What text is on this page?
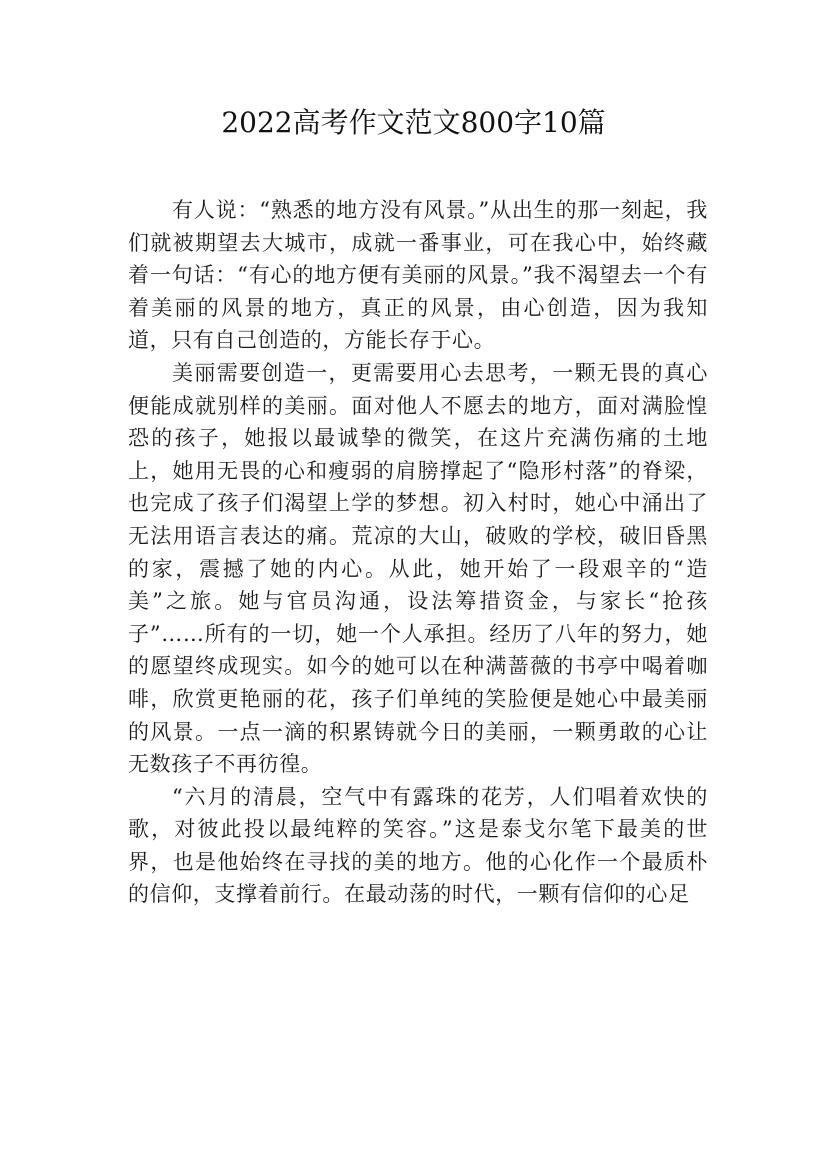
2022高考作文范文800字10篇

有人说：“熟悉的地方没有风景。”从出生的那一刻起，我们就被期望去大城市，成就一番事业，可在我心中，始终藏着一句话：“有心的地方便有美丽的风景。”我不渴望去一个有着美丽的风景的地方，真正的风景，由心创造，因为我知道，只有自己创造的，方能长存于心。

美丽需要创造一，更需要用心去思考，一颗无畏的真心便能成就别样的美丽。面对他人不愿去的地方，面对满脸惶恐的孩子，她报以最诚挚的微笑，在这片充满伤痛的土地上，她用无畏的心和瘦弱的肩膀撑起了“隐形村落”的脊梁，也完成了孩子们渴望上学的梦想。初入村时，她心中涌出了无法用语言表达的痛。荒凉的大山，破败的学校，破旧昏黑的家，震撼了她的内心。从此，她开始了一段艰辛的“造美”之旅。她与官员沟通，设法筹措资金，与家长“抢孩子”……所有的一切，她一个人承担。经历了八年的努力，她的愿望终成现实。如今的她可以在种满蔷薇的书亭中喝着咖啡，欣赏更艳丽的花，孩子们单纯的笑脸便是她心中最美丽的风景。一点一滴的积累铸就今日的美丽，一颗勇敢的心让无数孩子不再彷徨。

“六月的清晨，空气中有露珠的花芳，人们唱着欢快的歌，对彼此投以最纯粹的笑容。”这是泰戈尔笔下最美的世界，也是他始终在寻找的美的地方。他的心化作一个最质朴的信仰，支撑着前行。在最动荡的时代，一颗有信仰的心足
